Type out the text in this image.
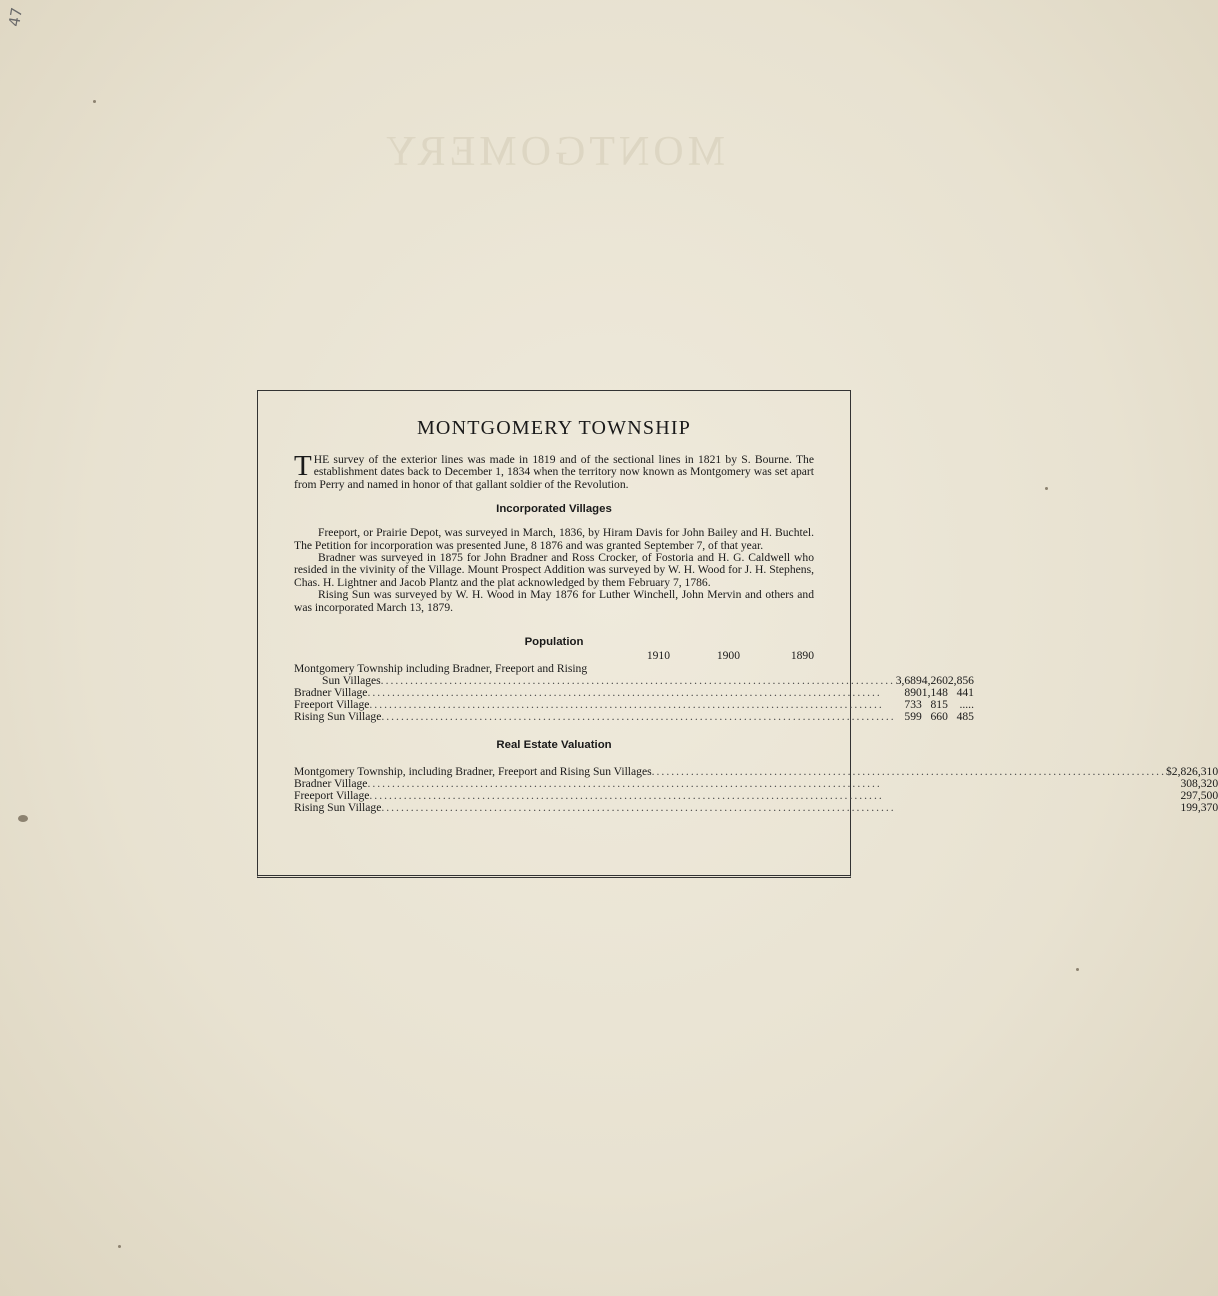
47
MONTGOMERY
MONTGOMERY TOWNSHIP
THE survey of the exterior lines was made in 1819 and of the sectional lines in 1821 by S. Bourne. The establishment dates back to December 1, 1834 when the territory now known as Montgomery was set apart from Perry and named in honor of that gallant soldier of the Revolution.
Incorporated Villages

Freeport, or Prairie Depot, was surveyed in March, 1836, by Hiram Davis for John Bailey and H. Buchtel. The Petition for incorporation was presented June, 8 1876 and was granted September 7, of that year.

Bradner was surveyed in 1875 for John Bradner and Ross Crocker, of Fostoria and H. G. Caldwell who resided in the vivinity of the Village. Mount Prospect Addition was surveyed by W. H. Wood for J. H. Stephens, Chas. H. Lightner and Jacob Plantz and the plat acknowledged by them February 7, 1786.

Rising Sun was surveyed by W. H. Wood in May 1876 for Luther Winchell, John Mervin and others and was incorporated March 13, 1879.

Population
1910	1900	1890
Montgomery Township including Bradner, Freeport and Rising			

Sun Villages .........................................................................................................	3,689	4,260	2,856

Bradner Village .........................................................................................................	890	1,148	441

Freeport Village .........................................................................................................	733	815	.....

Rising Sun Village .........................................................................................................	599	660	485
Real Estate Valuation
Montgomery Township, including Bradner, Freeport and Rising Sun Villages .........................................................................................................	$	2,826,310

Bradner Village .........................................................................................................		308,320

Freeport Village .........................................................................................................		297,500

Rising Sun Village .........................................................................................................		199,370
